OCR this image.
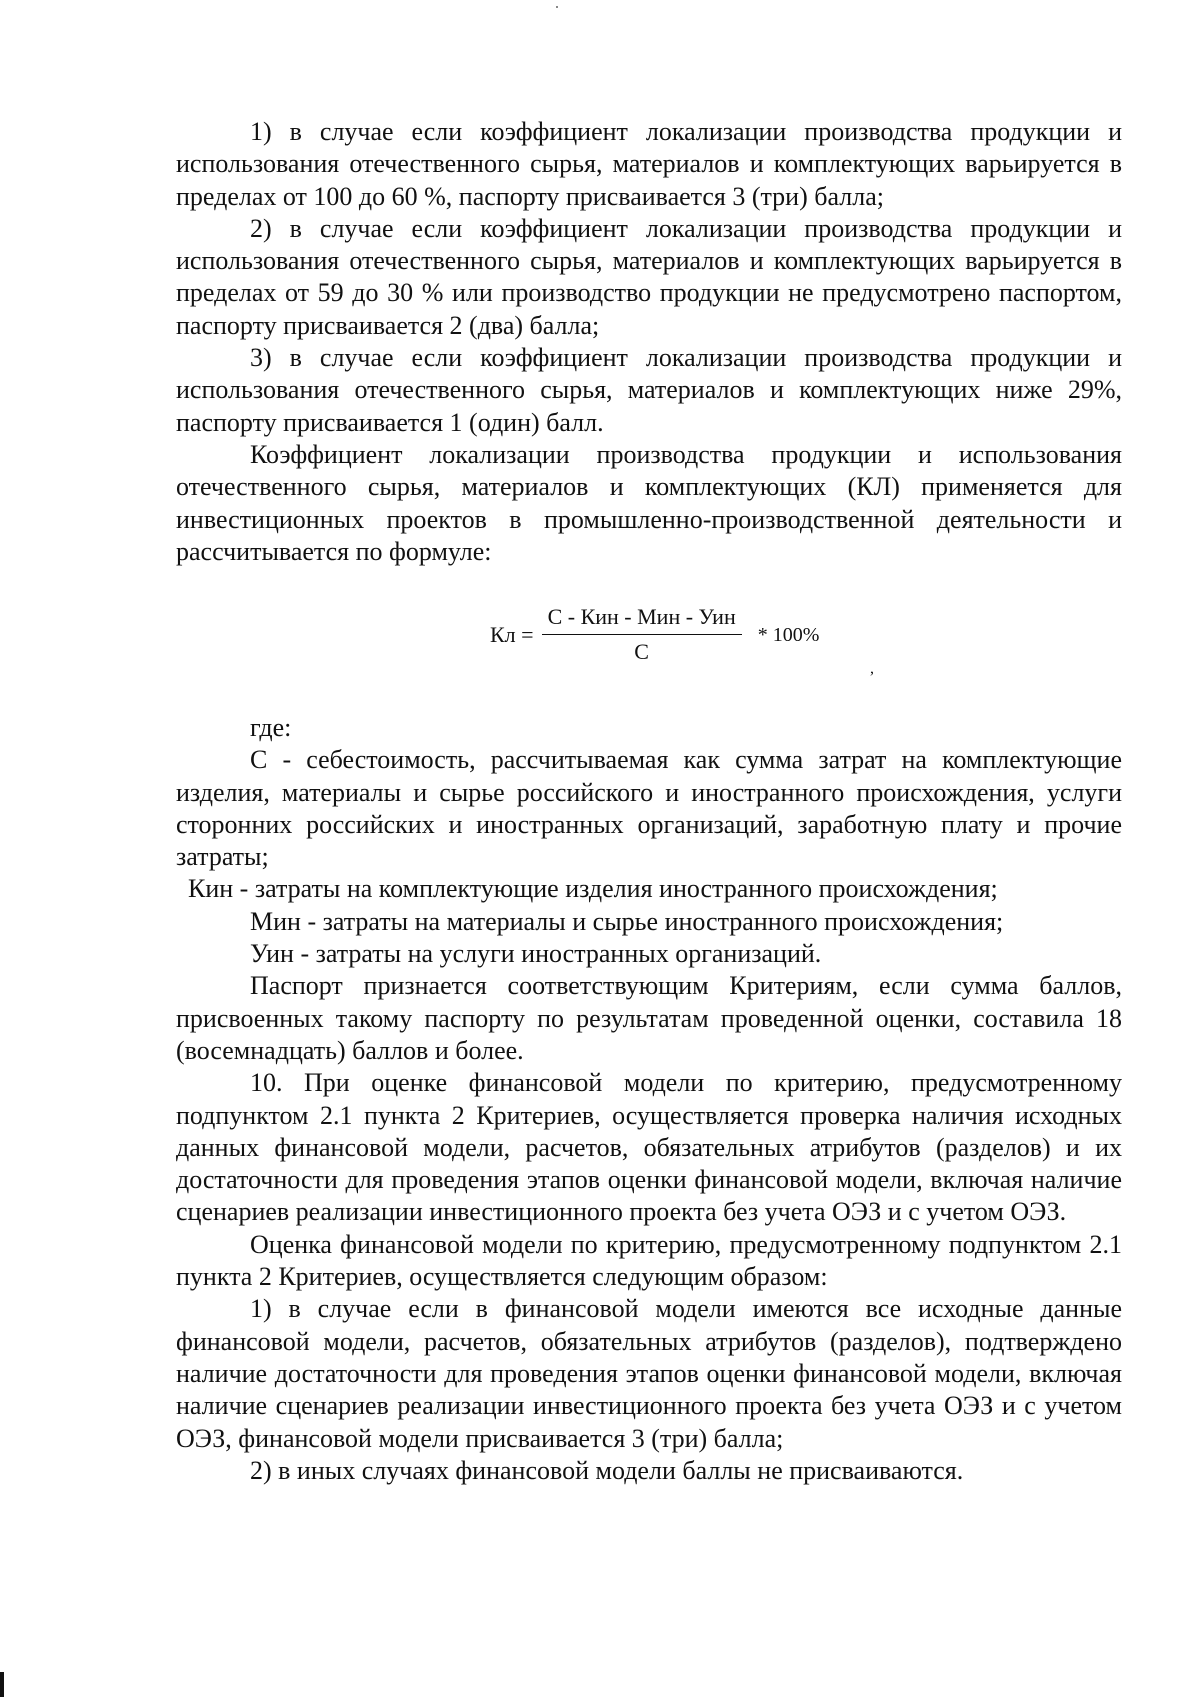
1) в случае если коэффициент локализации производства продукции и использования отечественного сырья, материалов и комплектующих варьируется в пределах от 100 до 60 %, паспорту присваивается 3 (три) балла;

2) в случае если коэффициент локализации производства продукции и использования отечественного сырья, материалов и комплектующих варьируется в пределах от 59 до 30 % или производство продукции не предусмотрено паспортом, паспорту присваивается 2 (два) балла;

3) в случае если коэффициент локализации производства продукции и использования отечественного сырья, материалов и комплектующих ниже 29%, паспорту присваивается 1 (один) балл.

Коэффициент локализации производства продукции и использования отечественного сырья, материалов и комплектующих (КЛ) применяется для инвестиционных проектов в промышленно-производственной деятельности и рассчитывается по формуле:

Кл = $\frac{\text{С - Кин - Мин - Уин}}{С} * 100\%$
,

где:

С - себестоимость, рассчитываемая как сумма затрат на комплектующие изделия, материалы и сырье российского и иностранного происхождения, услуги сторонних российских и иностранных организаций, заработную плату и прочие затраты;

Кин - затраты на комплектующие изделия иностранного происхождения;

Мин - затраты на материалы и сырье иностранного происхождения;

Уин - затраты на услуги иностранных организаций.

Паспорт признается соответствующим Критериям, если сумма баллов, присвоенных такому паспорту по результатам проведенной оценки, составила 18 (восемнадцать) баллов и более.

10. При оценке финансовой модели по критерию, предусмотренному подпунктом 2.1 пункта 2 Критериев, осуществляется проверка наличия исходных данных финансовой модели, расчетов, обязательных атрибутов (разделов) и их достаточности для проведения этапов оценки финансовой модели, включая наличие сценариев реализации инвестиционного проекта без учета ОЭЗ и с учетом ОЭЗ.

Оценка финансовой модели по критерию, предусмотренному подпунктом 2.1 пункта 2 Критериев, осуществляется следующим образом:

1) в случае если в финансовой модели имеются все исходные данные финансовой модели, расчетов, обязательных атрибутов (разделов), подтверждено наличие достаточности для проведения этапов оценки финансовой модели, включая наличие сценариев реализации инвестиционного проекта без учета ОЭЗ и с учетом ОЭЗ, финансовой модели присваивается 3 (три) балла;

2) в иных случаях финансовой модели баллы не присваиваются.
